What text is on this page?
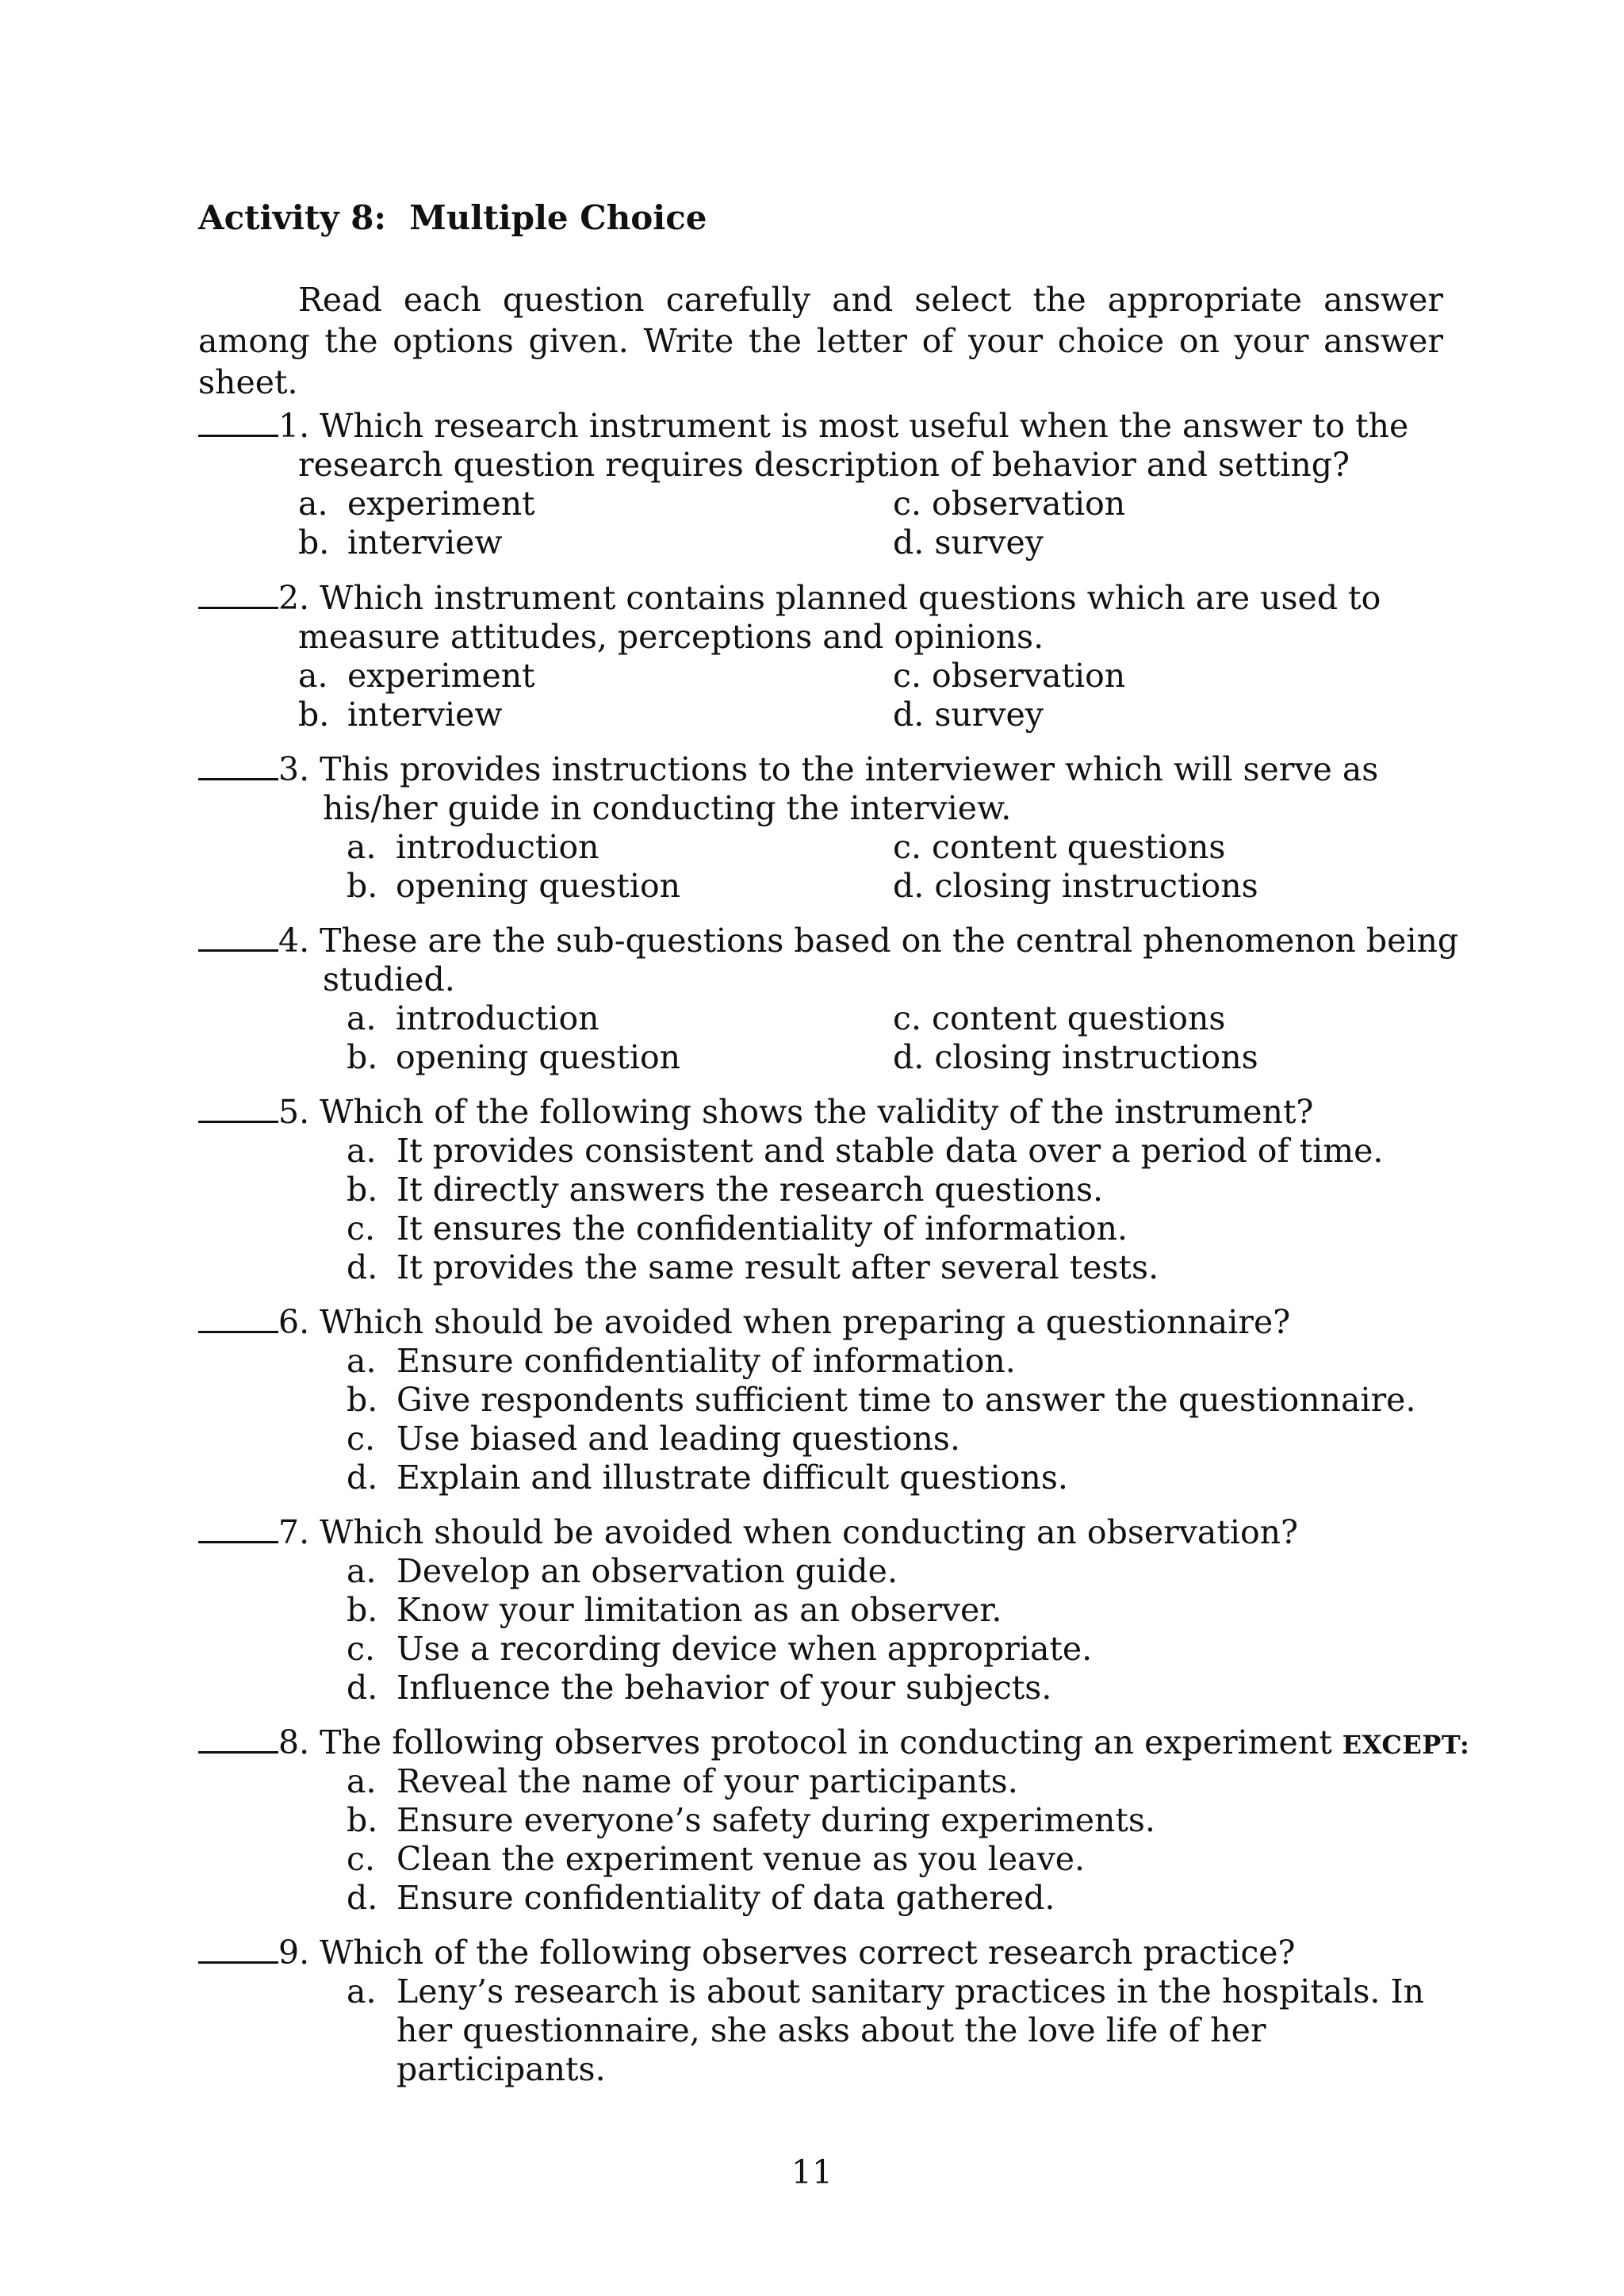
Activity 8:  Multiple Choice

Read each question carefully and select the appropriate answer among the options given. Write the letter of your choice on your answer sheet.

1. Which research instrument is most useful when the answer to the
research question requires description of behavior and setting?
a. experiment	c. observation
b. interview	d. survey
2. Which instrument contains planned questions which are used to
measure attitudes, perceptions and opinions.
a. experiment	c. observation
b. interview	d. survey
3. This provides instructions to the interviewer which will serve as
his/her guide in conducting the interview.
a. introduction	c. content questions
b. opening question	d. closing instructions
4. These are the sub-questions based on the central phenomenon being
studied.
a. introduction	c. content questions
b. opening question	d. closing instructions
5. Which of the following shows the validity of the instrument?
a. It provides consistent and stable data over a period of time.
b. It directly answers the research questions.
c. It ensures the confidentiality of information.
d. It provides the same result after several tests.
6. Which should be avoided when preparing a questionnaire?
a. Ensure confidentiality of information.
b. Give respondents sufficient time to answer the questionnaire.
c. Use biased and leading questions.
d. Explain and illustrate difficult questions.
7. Which should be avoided when conducting an observation?
a. Develop an observation guide.
b. Know your limitation as an observer.
c. Use a recording device when appropriate.
d. Influence the behavior of your subjects.
8. The following observes protocol in conducting an experiment EXCEPT:
a. Reveal the name of your participants.
b. Ensure everyone’s safety during experiments.
c. Clean the experiment venue as you leave.
d. Ensure confidentiality of data gathered.
9. Which of the following observes correct research practice?
a. Leny’s research is about sanitary practices in the hospitals. In
her questionnaire, she asks about the love life of her
participants.
11
